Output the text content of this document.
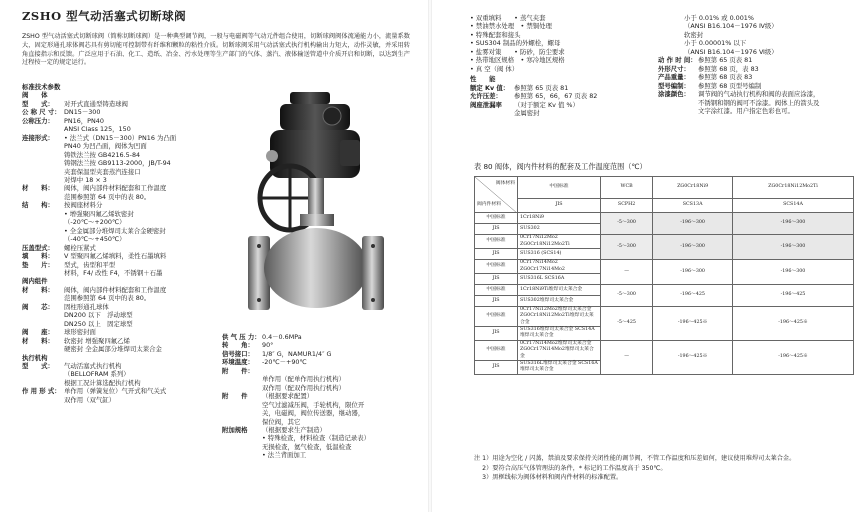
ZSHO 型气动活塞式切断球阀
ZSHO 型气动活塞式切断球阀（简称切断球阀）是一种典型调节阀，一般与电磁阀等气动元件组合使用，切断球阀阀体流通能力小，流量系数大，固定形通孔球体阀芯具有剪切能可控制带有纤维和颗粒的粘性介质。切断球阀采用气动活塞式执行机构输出力矩大，动作灵敏，并采用转角直接指示和反馈。广泛应用于石油、化工、造纸、冶金、污水处理等生产部门的气体、蒸汽、液体输送管道中介质开启和切断，以达到生产过程按一定的规定运行。
标准技术参数
阀　　体
型　　式：	对开式直通型铸造球阀
公 称 尺 寸： DN15－300
公称压力：	PN16，PN40
ANSI Class 125，150
连接形式：	• 法兰式（DN15－300）PN16 为凸面
PN40 为凹凸面，阀体为凹面
铸铁法兰按 GB4216.5-84
铸钢法兰按 GB9113-2000，JB/T-94
夹套保温型夹套蒸汽连接口
对焊中 18 × 3
材　　料：	阀体，阀内部件材料配套和工作温度
范围参照第 64 页中的表 80。
结　　构：	按阀座材料分
• 增强聚四氟乙烯软密封
（-20℃～+200℃）
• 全金属部分堆焊司太莱合金硬密封
（-40℃～+450℃）
压盖型式：	螺栓压紧式
填　　料：	V 型聚四氟乙烯填料，柔性石墨填料
垫　　片：	型式，齿型和平型
材料，F4/ 改性 F4，不锈钢＋石墨
阀内组件
材　　料：	阀体，阀内部件材料配套和工作温度
范围参照第 64 页中的表 80。
阀　　芯：	固柱形通孔球体
DN200 以下　浮动球型
DN250 以上　固定球型
阀　　座：	球形密封面
材　　料：	软密封 增强聚四氟乙烯
硬密封 全金属部分堆焊司太莱合金
执行机构
型　　式：	气动活塞式执行机构
（BELLOFRAM 系列）
根据工况计算选配执行机构
作 用 形 式： 单作用（弹簧复位）气开式和气关式
双作用（双气缸）
供 气 压 力： 0.4－0.6MPa
转　　角：	90°
信号接口：	1/8″ G，NAMUR1/4″ G
环境温度：	-20℃－+90℃
附　　件：
单作用（配单作用执行机构）
双作用（配双作用执行机构）
附　　件	（根据要求配置）
空气过滤减压阀，手轮机构，限位开
关，电磁阀，阀位传送器，继动器，
保位阀，其它
附加规格	（根据要求生产制造）
• 特殊检查，材料检查（制造记录表）
无损检查，氦气检查，低温检查
• 法兰背面加工
• 双重填料　　• 蒸气夹套
• 禁油禁水处理　• 禁铜处理
• 特殊配套和接头
• SUS304 制品的外螺栓，螺母
• 盐雾对策　　• 防砂，防尘要求
• 热带地区规格　• 寒冷地区规格
• 真 空（阀 体）
性　　能
额定 Kv 值： 参照第 65 页表 81
允许压差：	参照第 65，66，67 页表 82
阀座泄漏率	（对于额定 Kv 值 %）
金属密封
小于 0.01% 或 0.001%
（ANSI B16.104－1976 Ⅳ级）
软密封
小于 0.00001% 以下
（ANSI B16.104－1976 Ⅵ级）
动 作 时 间： 参照第 65 页表 81
外形尺寸：	参照第 68 页，表 83
产品重量：	参照第 68 页表 83
型号编制：	参照第 68 页型号编制
涂漆颜色：	调节阀的气动执行机构和阀的表面应涂漆，
不锈钢和钢的阀可不涂漆。阀体上的箭头及
文字涂红漆。用户指定色彩也可。
表 80 阀体，阀内件材料的配套及工作温度范围（℃）
阀体材料
阀内件材料	中国标准	WCB	ZG0Cr18Ni9	ZG0Cr18Ni12Mo2Ti
	JIS	SCPH2	SCS13A	SCS14A
中国标准	1Cr18Ni9	-5～300	-196～300	-196～300
JIS	SUS302			
中国标准	0Cr17Ni12Mo2 ZG0Cr18Ni12Mo2Ti	-5～300	-196～300	-196～300
JIS	SUS316 (SCS14)			
中国标准	0Cr17Ni14Mo2 ZG0Cr17Ni14Mo2	—	-196～300	-196～300
JIS	SUS316L SCS16A			
中国标准	1Cr18Ni9Ti堆焊司太莱合金	-5～300	-196～425	-196～425
JIS	SUS302堆焊司太莱合金			
中国标准	0Cr17Ni12Mo2堆焊司太莱合金 ZG0Cr18Ni12Mo2Ti堆焊司太莱合金	-5～425	-196～425※	-196～425※
JIS	SUS316堆焊司太莱合金 SCS14A堆焊司太莱合金			
中国标准	0Cr17Ni14Mo2堆焊司太莱合金 ZG0Cr17Ni14Mo2堆焊司太莱合金	—	-196～425※	-196～425※
JIS	SUS316L堆焊司太莱合金 SCS16A堆焊司太莱合金			
注 1）用途为空化 / 闪蒸，禁油及要求保持关闭性能的调节阀，不管工作温度和压差如何，建议使用堆焊司太莱合金。
　 2）要符合高压气体管理法的条件，* 标记的工作温度高于 350℃。
　 3）黑框线标为阀体材料和阀内件材料的标准配置。
